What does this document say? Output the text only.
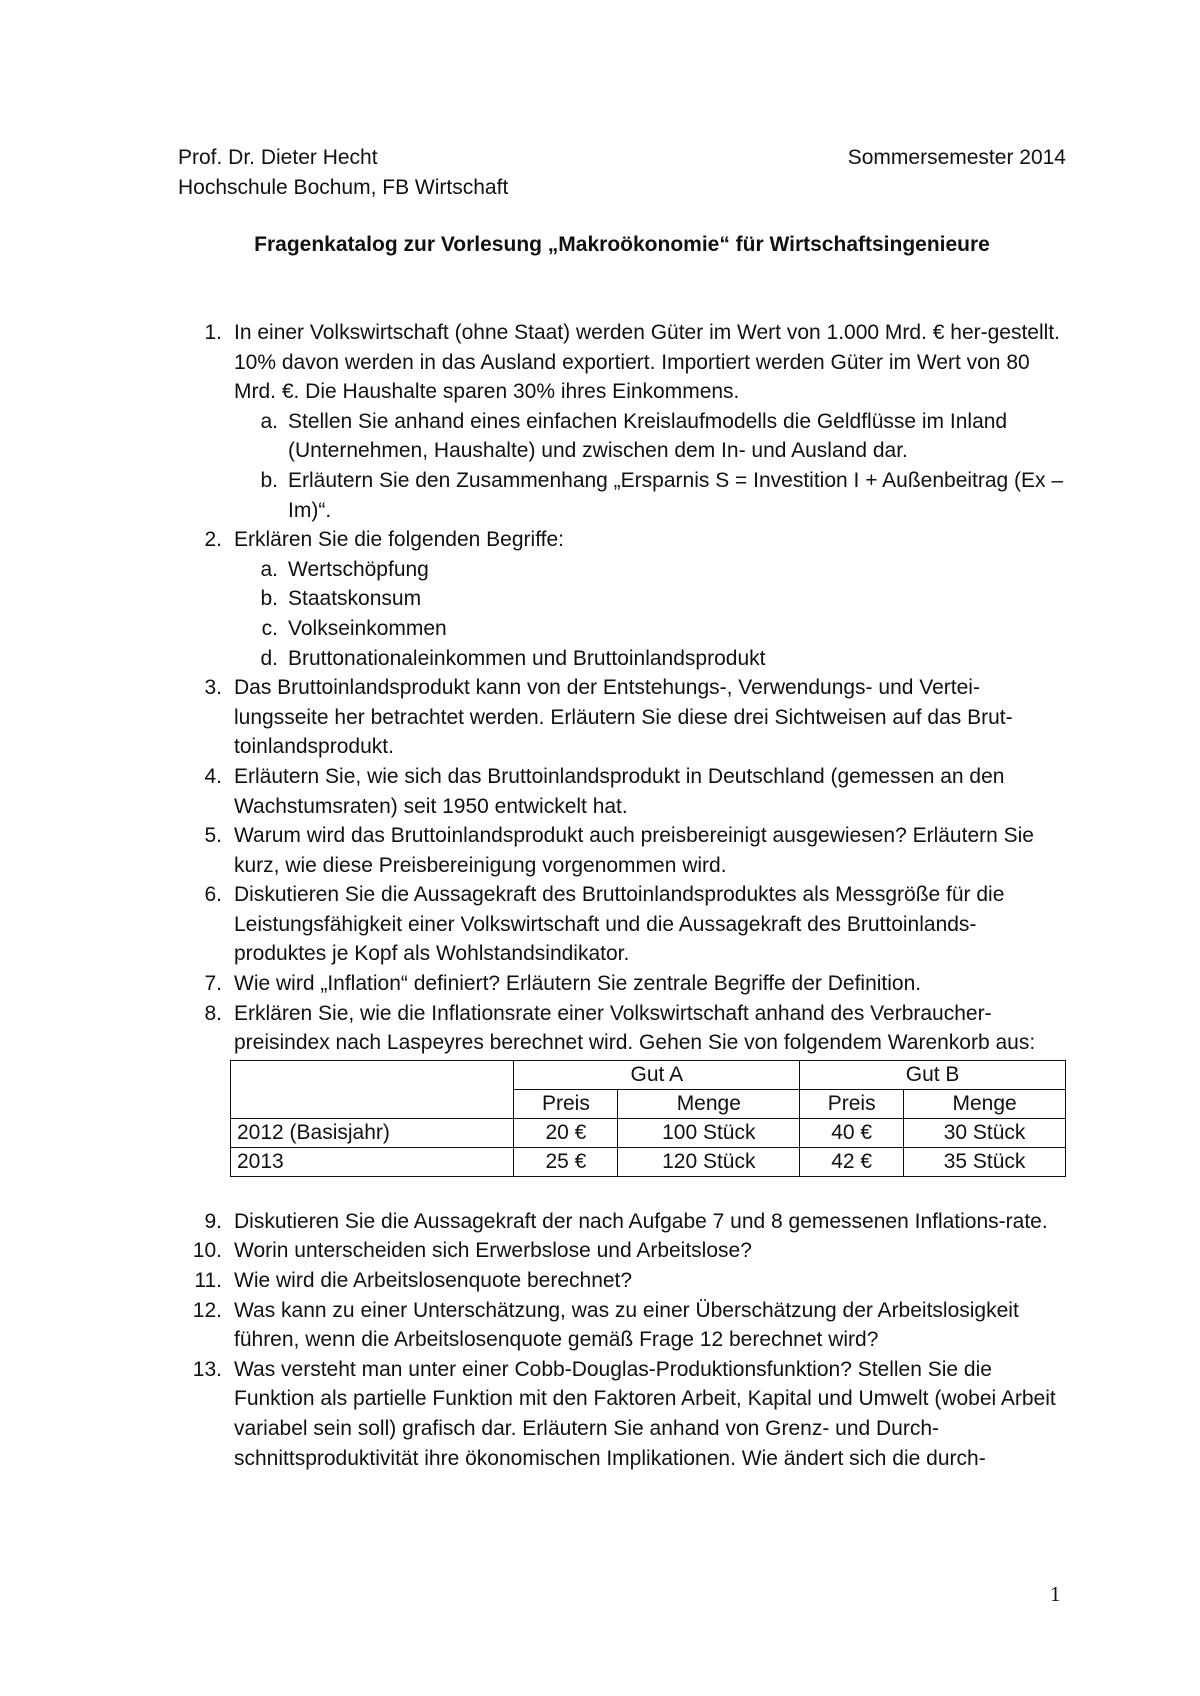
Prof. Dr. Dieter Hecht	Sommersemester 2014
Hochschule Bochum, FB Wirtschaft
Fragenkatalog zur Vorlesung „Makroökonomie“ für Wirtschaftsingenieure
1. In einer Volkswirtschaft (ohne Staat) werden Güter im Wert von 1.000 Mrd. € her-gestellt. 10% davon werden in das Ausland exportiert. Importiert werden Güter im Wert von 80 Mrd. €. Die Haushalte sparen 30% ihres Einkommens.
a. Stellen Sie anhand eines einfachen Kreislaufmodells die Geldflüsse im Inland (Unternehmen, Haushalte) und zwischen dem In- und Ausland dar.
b. Erläutern Sie den Zusammenhang „Ersparnis S = Investition I + Außenbeitrag (Ex – Im)“.
2. Erklären Sie die folgenden Begriffe:
a. Wertschöpfung
b. Staatskonsum
c. Volkseinkommen
d. Bruttonationaleinkommen und Bruttoinlandsprodukt
3. Das Bruttoinlandsprodukt kann von der Entstehungs-, Verwendungs- und Vertei-lungsseite her betrachtet werden. Erläutern Sie diese drei Sichtweisen auf das Brut-toinlandsprodukt.
4. Erläutern Sie, wie sich das Bruttoinlandsprodukt in Deutschland (gemessen an den Wachstumsraten) seit 1950 entwickelt hat.
5. Warum wird das Bruttoinlandsprodukt auch preisbereinigt ausgewiesen? Erläutern Sie kurz, wie diese Preisbereinigung vorgenommen wird.
6. Diskutieren Sie die Aussagekraft des Bruttoinlandsproduktes als Messgröße für die Leistungsfähigkeit einer Volkswirtschaft und die Aussagekraft des Bruttoinlands-produktes je Kopf als Wohlstandsindikator.
7. Wie wird „Inflation“ definiert? Erläutern Sie zentrale Begriffe der Definition.
8. Erklären Sie, wie die Inflationsrate einer Volkswirtschaft anhand des Verbraucher-preisindex nach Laspeyres berechnet wird. Gehen Sie von folgendem Warenkorb aus:
	Gut A		Gut B	
	Preis	Menge	Preis	Menge
2012 (Basisjahr)	20 €	100 Stück	40 €	30 Stück
2013	25 €	120 Stück	42 €	35 Stück
9. Diskutieren Sie die Aussagekraft der nach Aufgabe 7 und 8 gemessenen Inflations-rate.
10. Worin unterscheiden sich Erwerbslose und Arbeitslose?
11. Wie wird die Arbeitslosenquote berechnet?
12. Was kann zu einer Unterschätzung, was zu einer Überschätzung der Arbeitslosigkeit führen, wenn die Arbeitslosenquote gemäß Frage 12 berechnet wird?
13. Was versteht man unter einer Cobb-Douglas-Produktionsfunktion? Stellen Sie die Funktion als partielle Funktion mit den Faktoren Arbeit, Kapital und Umwelt (wobei Arbeit variabel sein soll) grafisch dar. Erläutern Sie anhand von Grenz- und Durch-schnittsproduktivität ihre ökonomischen Implikationen. Wie ändert sich die durch-
1
